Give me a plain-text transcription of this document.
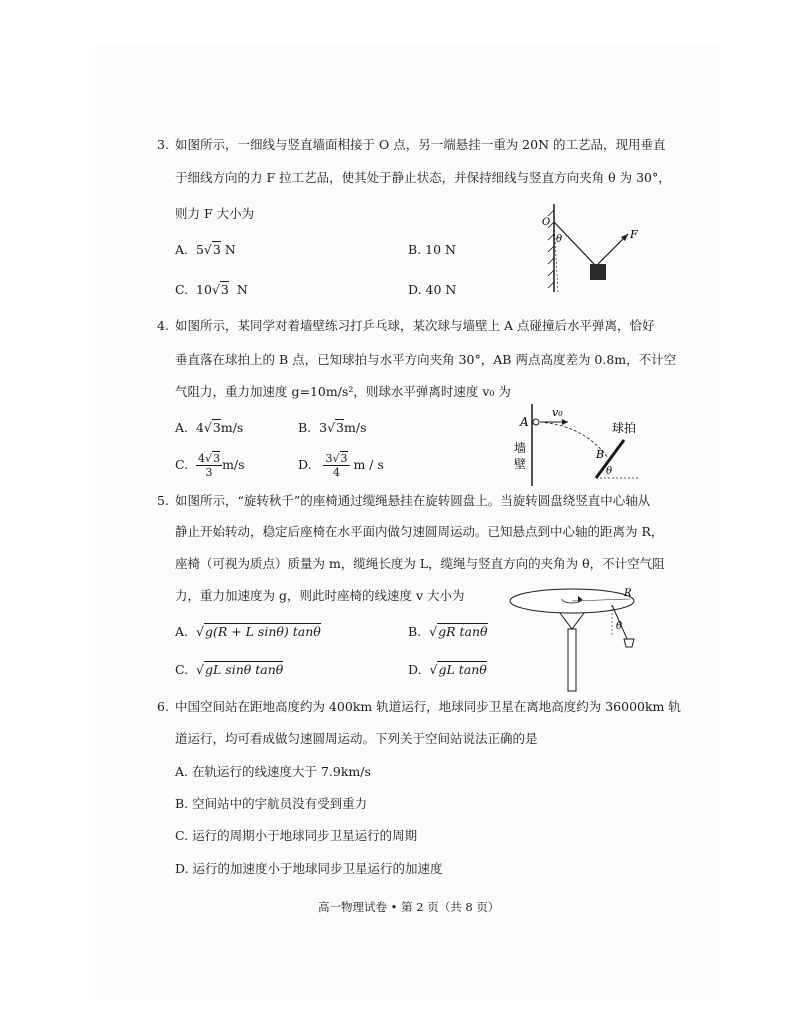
3. 如图所示，一细线与竖直墙面相接于 O 点，另一端悬挂一重为 20N 的工艺品，现用垂直
于细线方向的力 F 拉工艺品，使其处于静止状态，并保持细线与竖直方向夹角 θ 为 30°，
则力 F 大小为
A. 5√3 N	B. 10 N
C. 10√3 N	D. 40 N
O
θ	F
4. 如图所示，某同学对着墙壁练习打乒乓球，某次球与墙壁上 A 点碰撞后水平弹离，恰好
垂直落在球拍上的 B 点，已知球拍与水平方向夹角 30°，AB 两点高度差为 0.8m，不计空
气阻力，重力加速度 g=10m/s²，则球水平弹离时速度 v₀ 为
A. 4√3m/s	B. 3√3m/s
C. $\frac{4√3}{3} m/s$	D. $\frac{3√3}{4}$ m / s
A
v₀
B
θ
墙
壁
球拍
5. 如图所示，“旋转秋千”的座椅通过缆绳悬挂在旋转圆盘上。当旋转圆盘绕竖直中心轴从
静止开始转动，稳定后座椅在水平面内做匀速圆周运动。已知悬点到中心轴的距离为 R，
座椅（可视为质点）质量为 m，缆绳长度为 L，缆绳与竖直方向的夹角为 θ，不计空气阻
力，重力加速度为 g，则此时座椅的线速度 v 大小为
A. √g(R + L sinθ) tanθ	B. √gR tanθ
C. √gL sinθ tanθ	D. √gL tanθ
R
θ
6. 中国空间站在距地高度约为 400km 轨道运行，地球同步卫星在离地高度约为 36000km 轨
道运行，均可看成做匀速圆周运动。下列关于空间站说法正确的是
A. 在轨运行的线速度大于 7.9km/s
B. 空间站中的宇航员没有受到重力
C. 运行的周期小于地球同步卫星运行的周期
D. 运行的加速度小于地球同步卫星运行的加速度
高一物理试卷 • 第 2 页（共 8 页）
